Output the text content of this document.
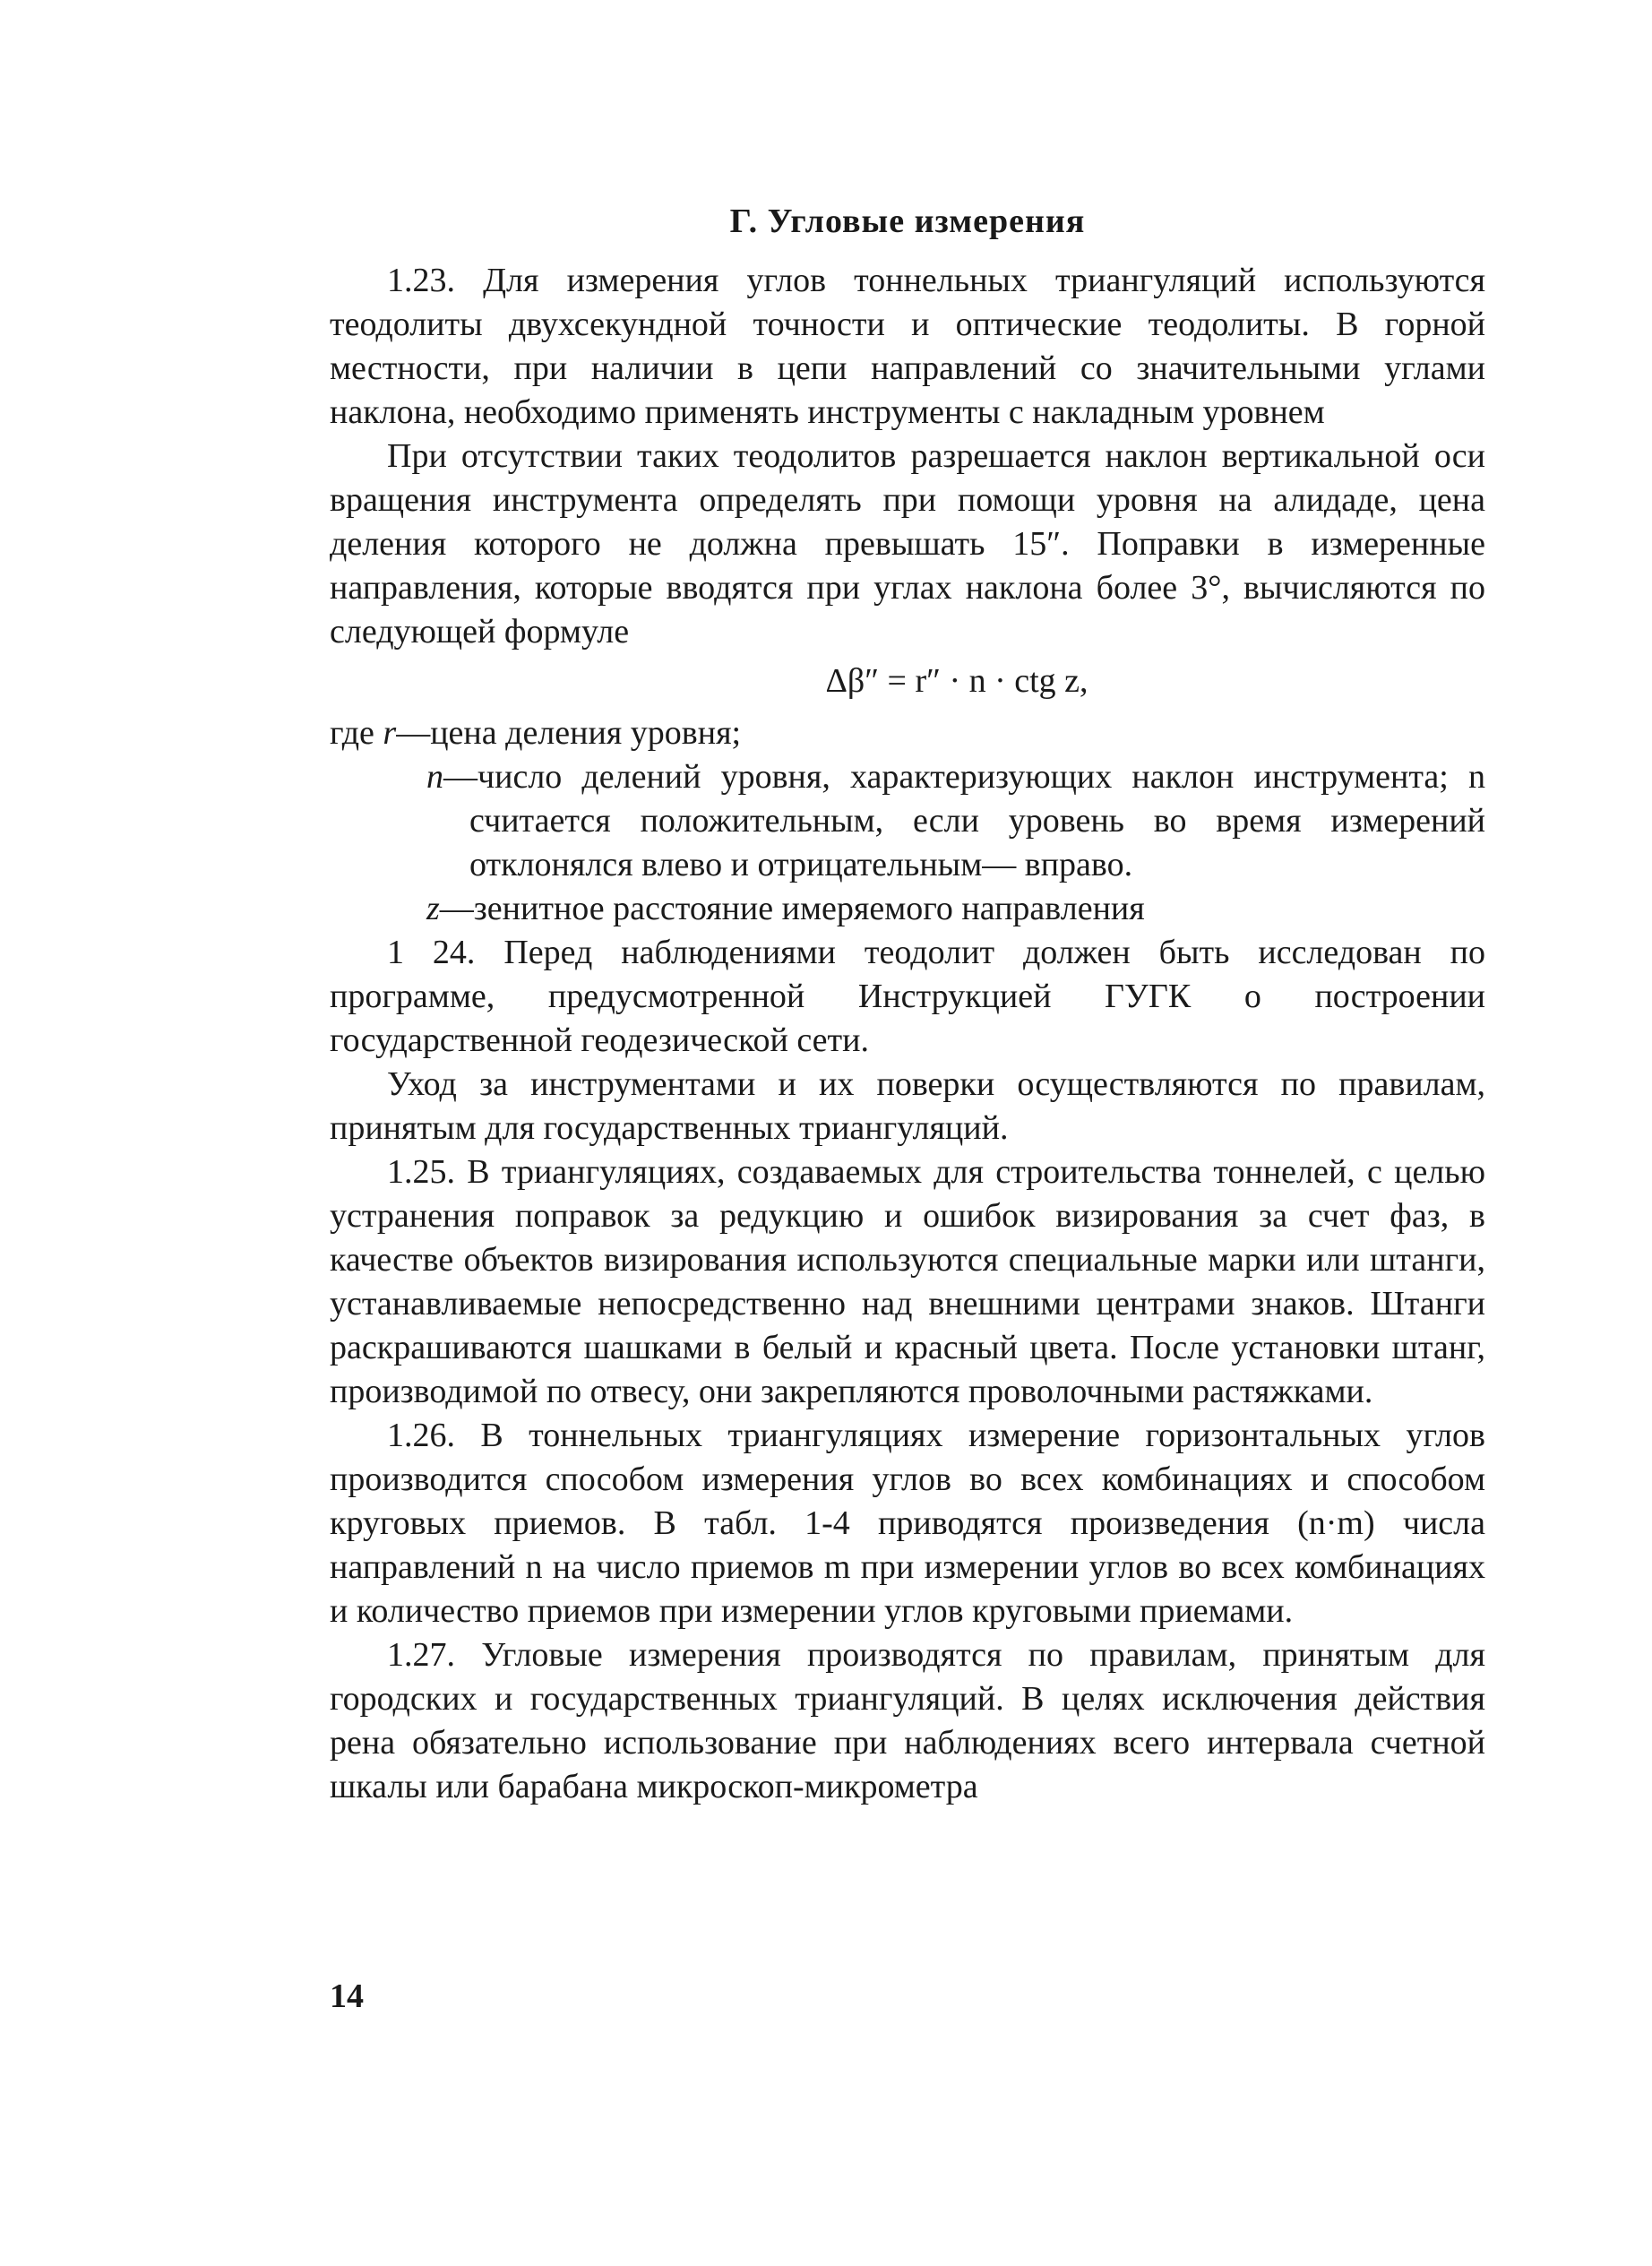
Г. Угловые измерения

1.23. Для измерения углов тоннельных триангуляций используются теодолиты двухсекундной точности и оптические теодолиты. В горной местности, при наличии в цепи направлений со значительными углами наклона, необходимо применять инструменты с накладным уровнем

При отсутствии таких теодолитов разрешается наклон вертикальной оси вращения инструмента определять при помощи уровня на алидаде, цена деления которого не должна превышать 15″. Поправки в измеренные направления, которые вводятся при углах наклона более 3°, вычисляются по следующей формуле

Δβ″ = r″ · n · ctg z,

где r—цена деления уровня;

n—число делений уровня, характеризующих наклон инструмента; n считается положительным, если уровень во время измерений отклонялся влево и отрицательным— вправо.

z—зенитное расстояние имеряемого направления

1 24. Перед наблюдениями теодолит должен быть исследован по программе, предусмотренной Инструкцией ГУГК о построении государственной геодезической сети.

Уход за инструментами и их поверки осуществляются по правилам, принятым для государственных триангуляций.

1.25. В триангуляциях, создаваемых для строительства тоннелей, с целью устранения поправок за редукцию и ошибок визирования за счет фаз, в качестве объектов визирования используются специальные марки или штанги, устанавливаемые непосредственно над внешними центрами знаков. Штанги раскрашиваются шашками в белый и красный цвета. После установки штанг, производимой по отвесу, они закрепляются проволочными растяжками.

1.26. В тоннельных триангуляциях измерение горизонтальных углов производится способом измерения углов во всех комбинациях и способом круговых приемов. В табл. 1-4 приводятся произведения (n·m) числа направлений n на число приемов m при измерении углов во всех комбинациях и количество приемов при измерении углов круговыми приемами.

1.27. Угловые измерения производятся по правилам, принятым для городских и государственных триангуляций. В целях исключения действия рена обязательно использование при наблюдениях всего интервала счетной шкалы или барабана микроскоп-микрометра

14
